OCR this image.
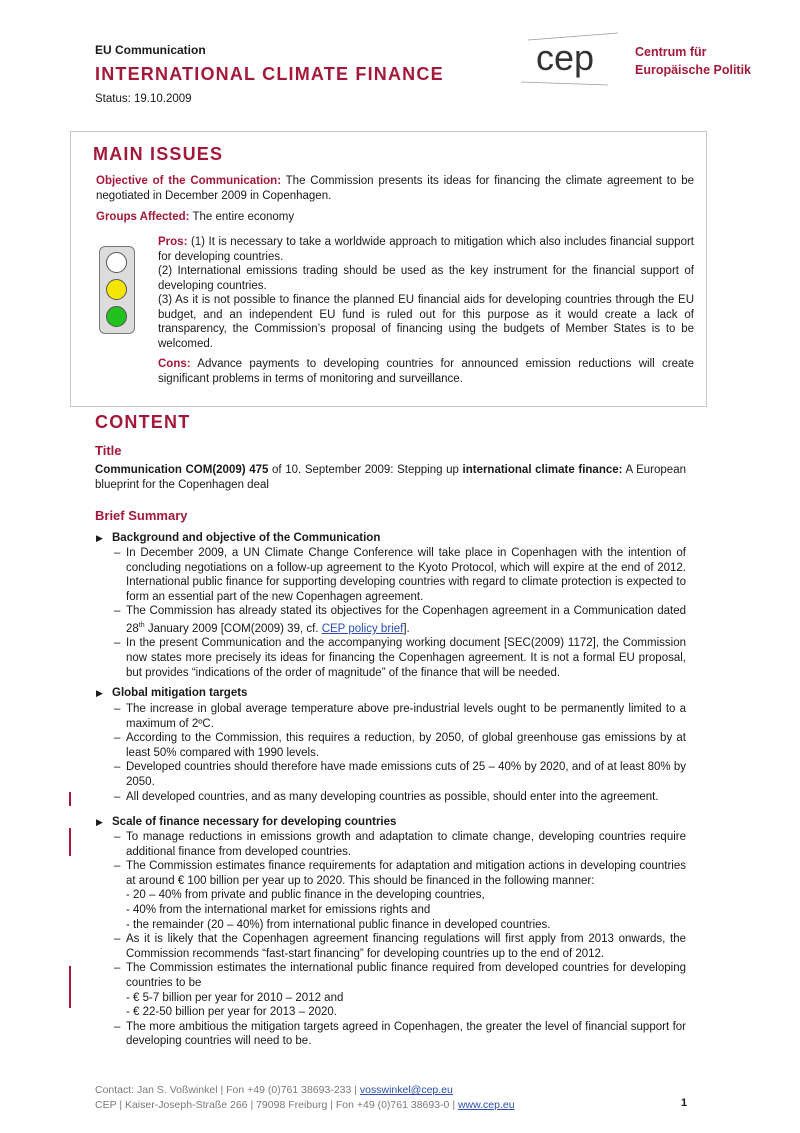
EU Communication
INTERNATIONAL CLIMATE FINANCE
Status: 19.10.2009
cep	Centrum für
Europäische Politik
MAIN ISSUES
Objective of the Communication: The Commission presents its ideas for financing the climate agreement to be negotiated in December 2009 in Copenhagen.
Groups Affected: The entire economy
Pros: (1) It is necessary to take a worldwide approach to mitigation which also includes financial support for developing countries.
(2) International emissions trading should be used as the key instrument for the financial support of developing countries.
(3) As it is not possible to finance the planned EU financial aids for developing countries through the EU budget, and an independent EU fund is ruled out for this purpose as it would create a lack of transparency, the Commission’s proposal of financing using the budgets of Member States is to be welcomed.
Cons: Advance payments to developing countries for announced emission reductions will create significant problems in terms of monitoring and surveillance.
CONTENT
Title
Communication COM(2009) 475 of 10. September 2009: Stepping up international climate finance: A European blueprint for the Copenhagen deal
Brief Summary
▶ Background and objective of the Communication
– In December 2009, a UN Climate Change Conference will take place in Copenhagen with the intention of concluding negotiations on a follow-up agreement to the Kyoto Protocol, which will expire at the end of 2012. International public finance for supporting developing countries with regard to climate protection is expected to form an essential part of the new Copenhagen agreement.
– The Commission has already stated its objectives for the Copenhagen agreement in a Communication dated 28th January 2009 [COM(2009) 39, cf. CEP policy brief].
– In the present Communication and the accompanying working document [SEC(2009) 1172], the Commission now states more precisely its ideas for financing the Copenhagen agreement. It is not a formal EU proposal, but provides “indications of the order of magnitude” of the finance that will be needed.
▶ Global mitigation targets
– The increase in global average temperature above pre-industrial levels ought to be permanently limited to a maximum of 2ºC.
– According to the Commission, this requires a reduction, by 2050, of global greenhouse gas emissions by at least 50% compared with 1990 levels.
– Developed countries should therefore have made emissions cuts of 25 – 40% by 2020, and of at least 80% by 2050.
– All developed countries, and as many developing countries as possible, should enter into the agreement.
▶ Scale of finance necessary for developing countries
– To manage reductions in emissions growth and adaptation to climate change, developing countries require additional finance from developed countries.
– The Commission estimates finance requirements for adaptation and mitigation actions in developing countries at around € 100 billion per year up to 2020. This should be financed in the following manner:
- 20 – 40% from private and public finance in the developing countries,
- 40% from the international market for emissions rights and
- the remainder (20 – 40%) from international public finance in developed countries.
– As it is likely that the Copenhagen agreement financing regulations will first apply from 2013 onwards, the Commission recommends “fast-start financing” for developing countries up to the end of 2012.
– The Commission estimates the international public finance required from developed countries for developing countries to be
- € 5-7 billion per year for 2010 – 2012 and
- € 22-50 billion per year for 2013 – 2020.
– The more ambitious the mitigation targets agreed in Copenhagen, the greater the level of financial support for developing countries will need to be.
Contact: Jan S. Voßwinkel | Fon +49 (0)761 38693-233 | vosswinkel@cep.eu
CEP | Kaiser-Joseph-Straße 266 | 79098 Freiburg | Fon +49 (0)761 38693-0 | www.cep.eu	1
